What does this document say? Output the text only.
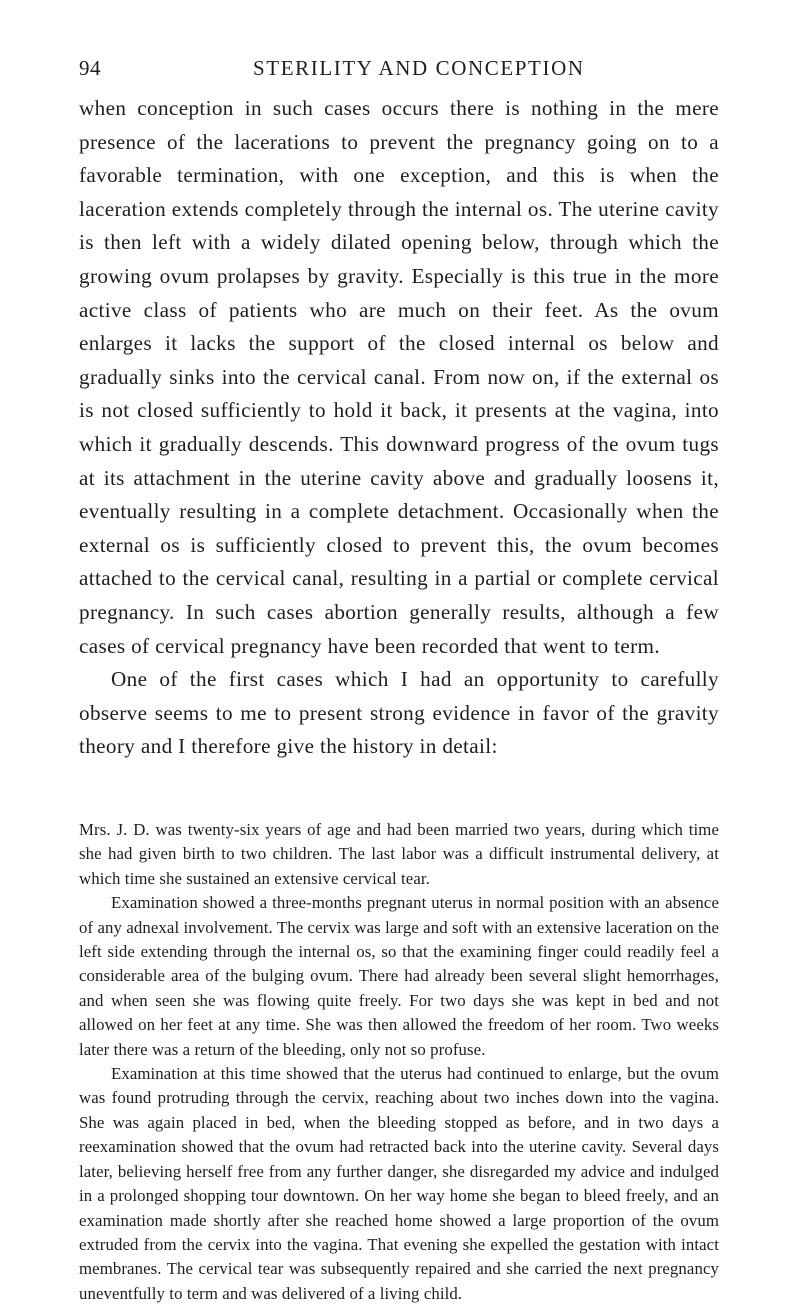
94	STERILITY AND CONCEPTION

when conception in such cases occurs there is nothing in the mere presence of the lacerations to prevent the pregnancy going on to a favorable termination, with one exception, and this is when the laceration extends completely through the internal os. The uterine cavity is then left with a widely dilated opening below, through which the growing ovum prolapses by gravity. Especially is this true in the more active class of patients who are much on their feet. As the ovum enlarges it lacks the support of the closed internal os below and gradually sinks into the cervical canal. From now on, if the external os is not closed sufficiently to hold it back, it presents at the vagina, into which it gradually descends. This downward progress of the ovum tugs at its attachment in the uterine cavity above and gradually loosens it, eventually resulting in a complete detachment. Occasionally when the external os is sufficiently closed to prevent this, the ovum becomes attached to the cervical canal, resulting in a partial or complete cervical pregnancy. In such cases abortion generally results, although a few cases of cervical pregnancy have been recorded that went to term.

One of the first cases which I had an opportunity to carefully observe seems to me to present strong evidence in favor of the gravity theory and I therefore give the history in detail:

Mrs. J. D. was twenty-six years of age and had been married two years, during which time she had given birth to two children. The last labor was a difficult instrumental delivery, at which time she sustained an extensive cervical tear.

Examination showed a three-months pregnant uterus in normal position with an absence of any adnexal involvement. The cervix was large and soft with an extensive laceration on the left side extending through the internal os, so that the examining finger could readily feel a considerable area of the bulging ovum. There had already been several slight hemorrhages, and when seen she was flowing quite freely. For two days she was kept in bed and not allowed on her feet at any time. She was then allowed the freedom of her room. Two weeks later there was a return of the bleeding, only not so profuse.

Examination at this time showed that the uterus had continued to enlarge, but the ovum was found protruding through the cervix, reaching about two inches down into the vagina. She was again placed in bed, when the bleeding stopped as before, and in two days a reexamination showed that the ovum had retracted back into the uterine cavity. Several days later, believing herself free from any further danger, she disregarded my advice and indulged in a prolonged shopping tour downtown. On her way home she began to bleed freely, and an examination made shortly after she reached home showed a large proportion of the ovum extruded from the cervix into the vagina. That evening she expelled the gestation with intact membranes. The cervical tear was subsequently repaired and she carried the next pregnancy uneventfully to term and was delivered of a living child.
